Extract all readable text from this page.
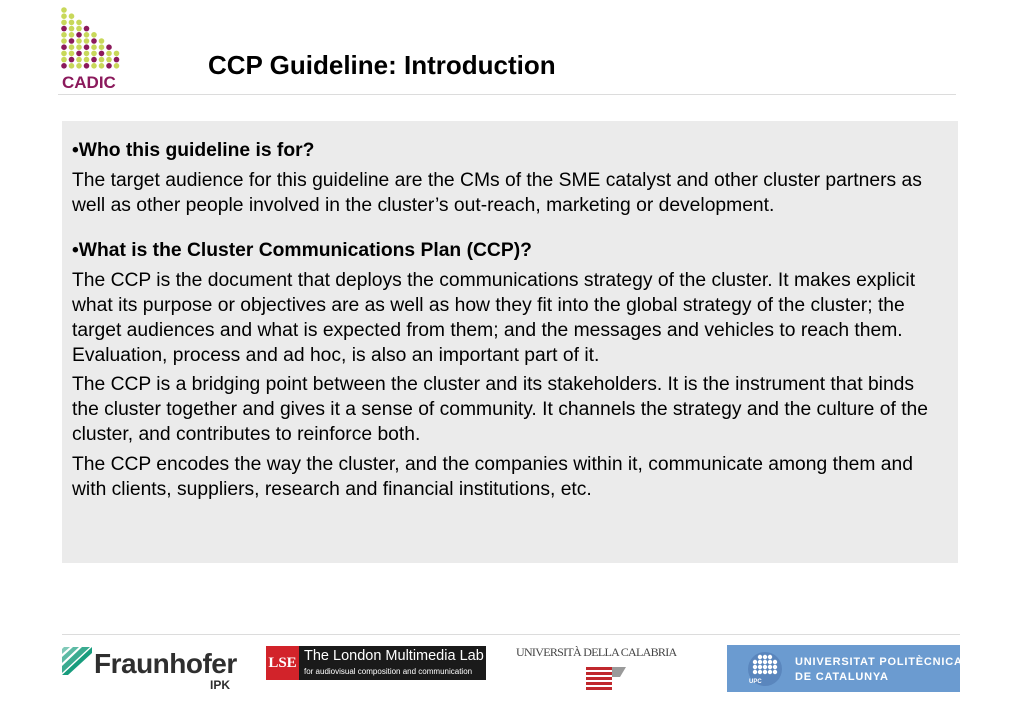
CADIC
CCP Guideline: Introduction

•Who this guideline is for?

The target audience for this guideline are the CMs of the SME catalyst and other cluster partners as well as other people involved in the cluster’s out-reach, marketing or development.

•What is the Cluster Communications Plan (CCP)?

The CCP is the document that deploys the communications strategy of the cluster. It makes explicit what its purpose or objectives are as well as how they fit into the global strategy of the cluster; the target audiences and what is expected from them; and the messages and vehicles to reach them. Evaluation, process and ad hoc, is also an important part of it.

The CCP is a bridging point between the cluster and its stakeholders. It is the instrument that binds the cluster together and gives it a sense of community. It channels the strategy and the culture of the cluster, and contributes to reinforce both.

The CCP encodes the way the cluster, and the companies within it, communicate among them and with clients, suppliers, research and financial institutions, etc.

Fraunhofer
IPK
LSE The London Multimedia Lab
for audiovisual composition and communication
UNIVERSITÀ DELLA CALABRIA
UPC
UNIVERSITAT POLITÈCNICA
DE CATALUNYA
